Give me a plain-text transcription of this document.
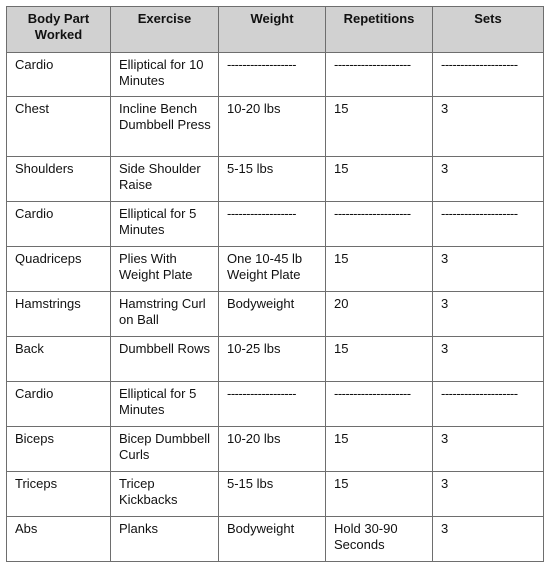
Body Part Worked	Exercise	Weight	Repetitions	Sets
Cardio	Elliptical for 10 Minutes	------------------	--------------------	--------------------
Chest	Incline Bench Dumbbell Press	10-20 lbs	15	3
Shoulders	Side Shoulder Raise	5-15 lbs	15	3
Cardio	Elliptical for 5 Minutes	------------------	--------------------	--------------------
Quadriceps	Plies With Weight Plate	One 10-45 lb Weight Plate	15	3
Hamstrings	Hamstring Curl on Ball	Bodyweight	20	3
Back	Dumbbell Rows	10-25 lbs	15	3
Cardio	Elliptical for 5 Minutes	------------------	--------------------	--------------------
Biceps	Bicep Dumbbell Curls	10-20 lbs	15	3
Triceps	Tricep Kickbacks	5-15 lbs	15	3
Abs	Planks	Bodyweight	Hold 30-90 Seconds	3
